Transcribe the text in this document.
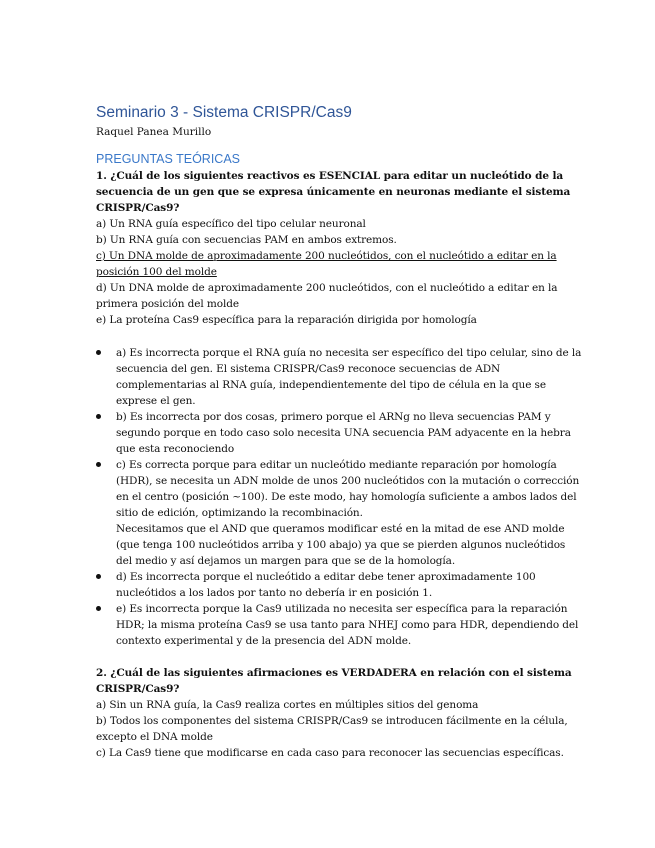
Seminario 3 - Sistema CRISPR/Cas9
Raquel Panea Murillo
PREGUNTAS TEÓRICAS
1. ¿Cuál de los siguientes reactivos es ESENCIAL para editar un nucleótido de la
secuencia de un gen que se expresa únicamente en neuronas mediante el sistema
CRISPR/Cas9?
a) Un RNA guía específico del tipo celular neuronal
b) Un RNA guía con secuencias PAM en ambos extremos.
c) Un DNA molde de aproximadamente 200 nucleótidos, con el nucleótido a editar en la
posición 100 del molde
d) Un DNA molde de aproximadamente 200 nucleótidos, con el nucleótido a editar en la
primera posición del molde
e) La proteína Cas9 específica para la reparación dirigida por homología
a) Es incorrecta porque el RNA guía no necesita ser específico del tipo celular, sino de la
secuencia del gen. El sistema CRISPR/Cas9 reconoce secuencias de ADN
complementarias al RNA guía, independientemente del tipo de célula en la que se
exprese el gen.
b) Es incorrecta por dos cosas, primero porque el ARNg no lleva secuencias PAM y
segundo porque en todo caso solo necesita UNA secuencia PAM adyacente en la hebra
que esta reconociendo
c) Es correcta porque para editar un nucleótido mediante reparación por homología
(HDR), se necesita un ADN molde de unos 200 nucleótidos con la mutación o corrección
en el centro (posición ~100). De este modo, hay homología suficiente a ambos lados del
sitio de edición, optimizando la recombinación.
Necesitamos que el AND que queramos modificar esté en la mitad de ese AND molde
(que tenga 100 nucleótidos arriba y 100 abajo) ya que se pierden algunos nucleótidos
del medio y así dejamos un margen para que se de la homología.
d) Es incorrecta porque el nucleótido a editar debe tener aproximadamente 100
nucleótidos a los lados por tanto no debería ir en posición 1.
e) Es incorrecta porque la Cas9 utilizada no necesita ser específica para la reparación
HDR; la misma proteína Cas9 se usa tanto para NHEJ como para HDR, dependiendo del
contexto experimental y de la presencia del ADN molde.
2. ¿Cuál de las siguientes afirmaciones es VERDADERA en relación con el sistema
CRISPR/Cas9?
a) Sin un RNA guía, la Cas9 realiza cortes en múltiples sitios del genoma
b) Todos los componentes del sistema CRISPR/Cas9 se introducen fácilmente en la célula,
excepto el DNA molde
c) La Cas9 tiene que modificarse en cada caso para reconocer las secuencias específicas.
